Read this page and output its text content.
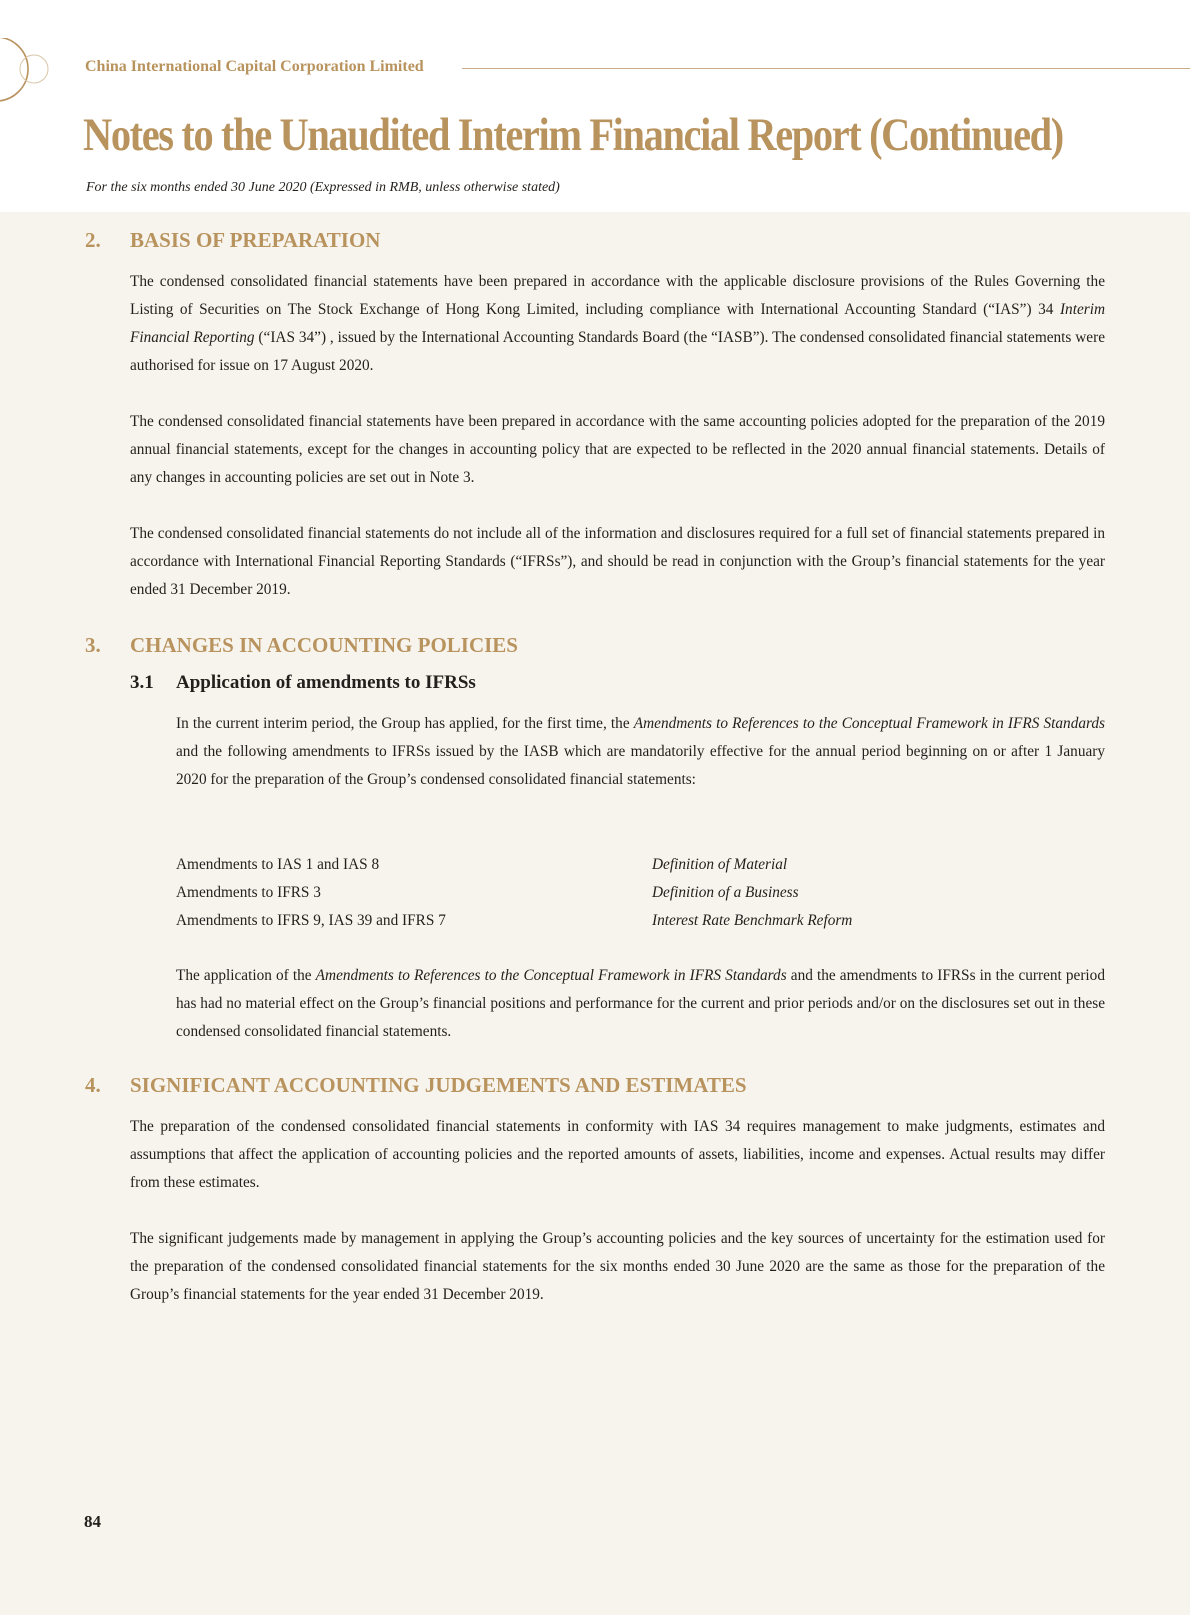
China International Capital Corporation Limited
Notes to the Unaudited Interim Financial Report (Continued)
For the six months ended 30 June 2020 (Expressed in RMB, unless otherwise stated)
2. BASIS OF PREPARATION

The condensed consolidated financial statements have been prepared in accordance with the applicable disclosure provisions of the Rules Governing the Listing of Securities on The Stock Exchange of Hong Kong Limited, including compliance with International Accounting Standard (“IAS”) 34 Interim Financial Reporting (“IAS 34”) , issued by the International Accounting Standards Board (the “IASB”). The condensed consolidated financial statements were authorised for issue on 17 August 2020.

The condensed consolidated financial statements have been prepared in accordance with the same accounting policies adopted for the preparation of the 2019 annual financial statements, except for the changes in accounting policy that are expected to be reflected in the 2020 annual financial statements. Details of any changes in accounting policies are set out in Note 3.

The condensed consolidated financial statements do not include all of the information and disclosures required for a full set of financial statements prepared in accordance with International Financial Reporting Standards (“IFRSs”), and should be read in conjunction with the Group’s financial statements for the year ended 31 December 2019.

3. CHANGES IN ACCOUNTING POLICIES
3.1 Application of amendments to IFRSs

In the current interim period, the Group has applied, for the first time, the Amendments to References to the Conceptual Framework in IFRS Standards and the following amendments to IFRSs issued by the IASB which are mandatorily effective for the annual period beginning on or after 1 January 2020 for the preparation of the Group’s condensed consolidated financial statements:

Amendments to IAS 1 and IAS 8	Definition of Material
Amendments to IFRS 3	Definition of a Business
Amendments to IFRS 9, IAS 39 and IFRS 7	Interest Rate Benchmark Reform

The application of the Amendments to References to the Conceptual Framework in IFRS Standards and the amendments to IFRSs in the current period has had no material effect on the Group’s financial positions and performance for the current and prior periods and/or on the disclosures set out in these condensed consolidated financial statements.

4. SIGNIFICANT ACCOUNTING JUDGEMENTS AND ESTIMATES

The preparation of the condensed consolidated financial statements in conformity with IAS 34 requires management to make judgments, estimates and assumptions that affect the application of accounting policies and the reported amounts of assets, liabilities, income and expenses. Actual results may differ from these estimates.

The significant judgements made by management in applying the Group’s accounting policies and the key sources of uncertainty for the estimation used for the preparation of the condensed consolidated financial statements for the six months ended 30 June 2020 are the same as those for the preparation of the Group’s financial statements for the year ended 31 December 2019.

84
